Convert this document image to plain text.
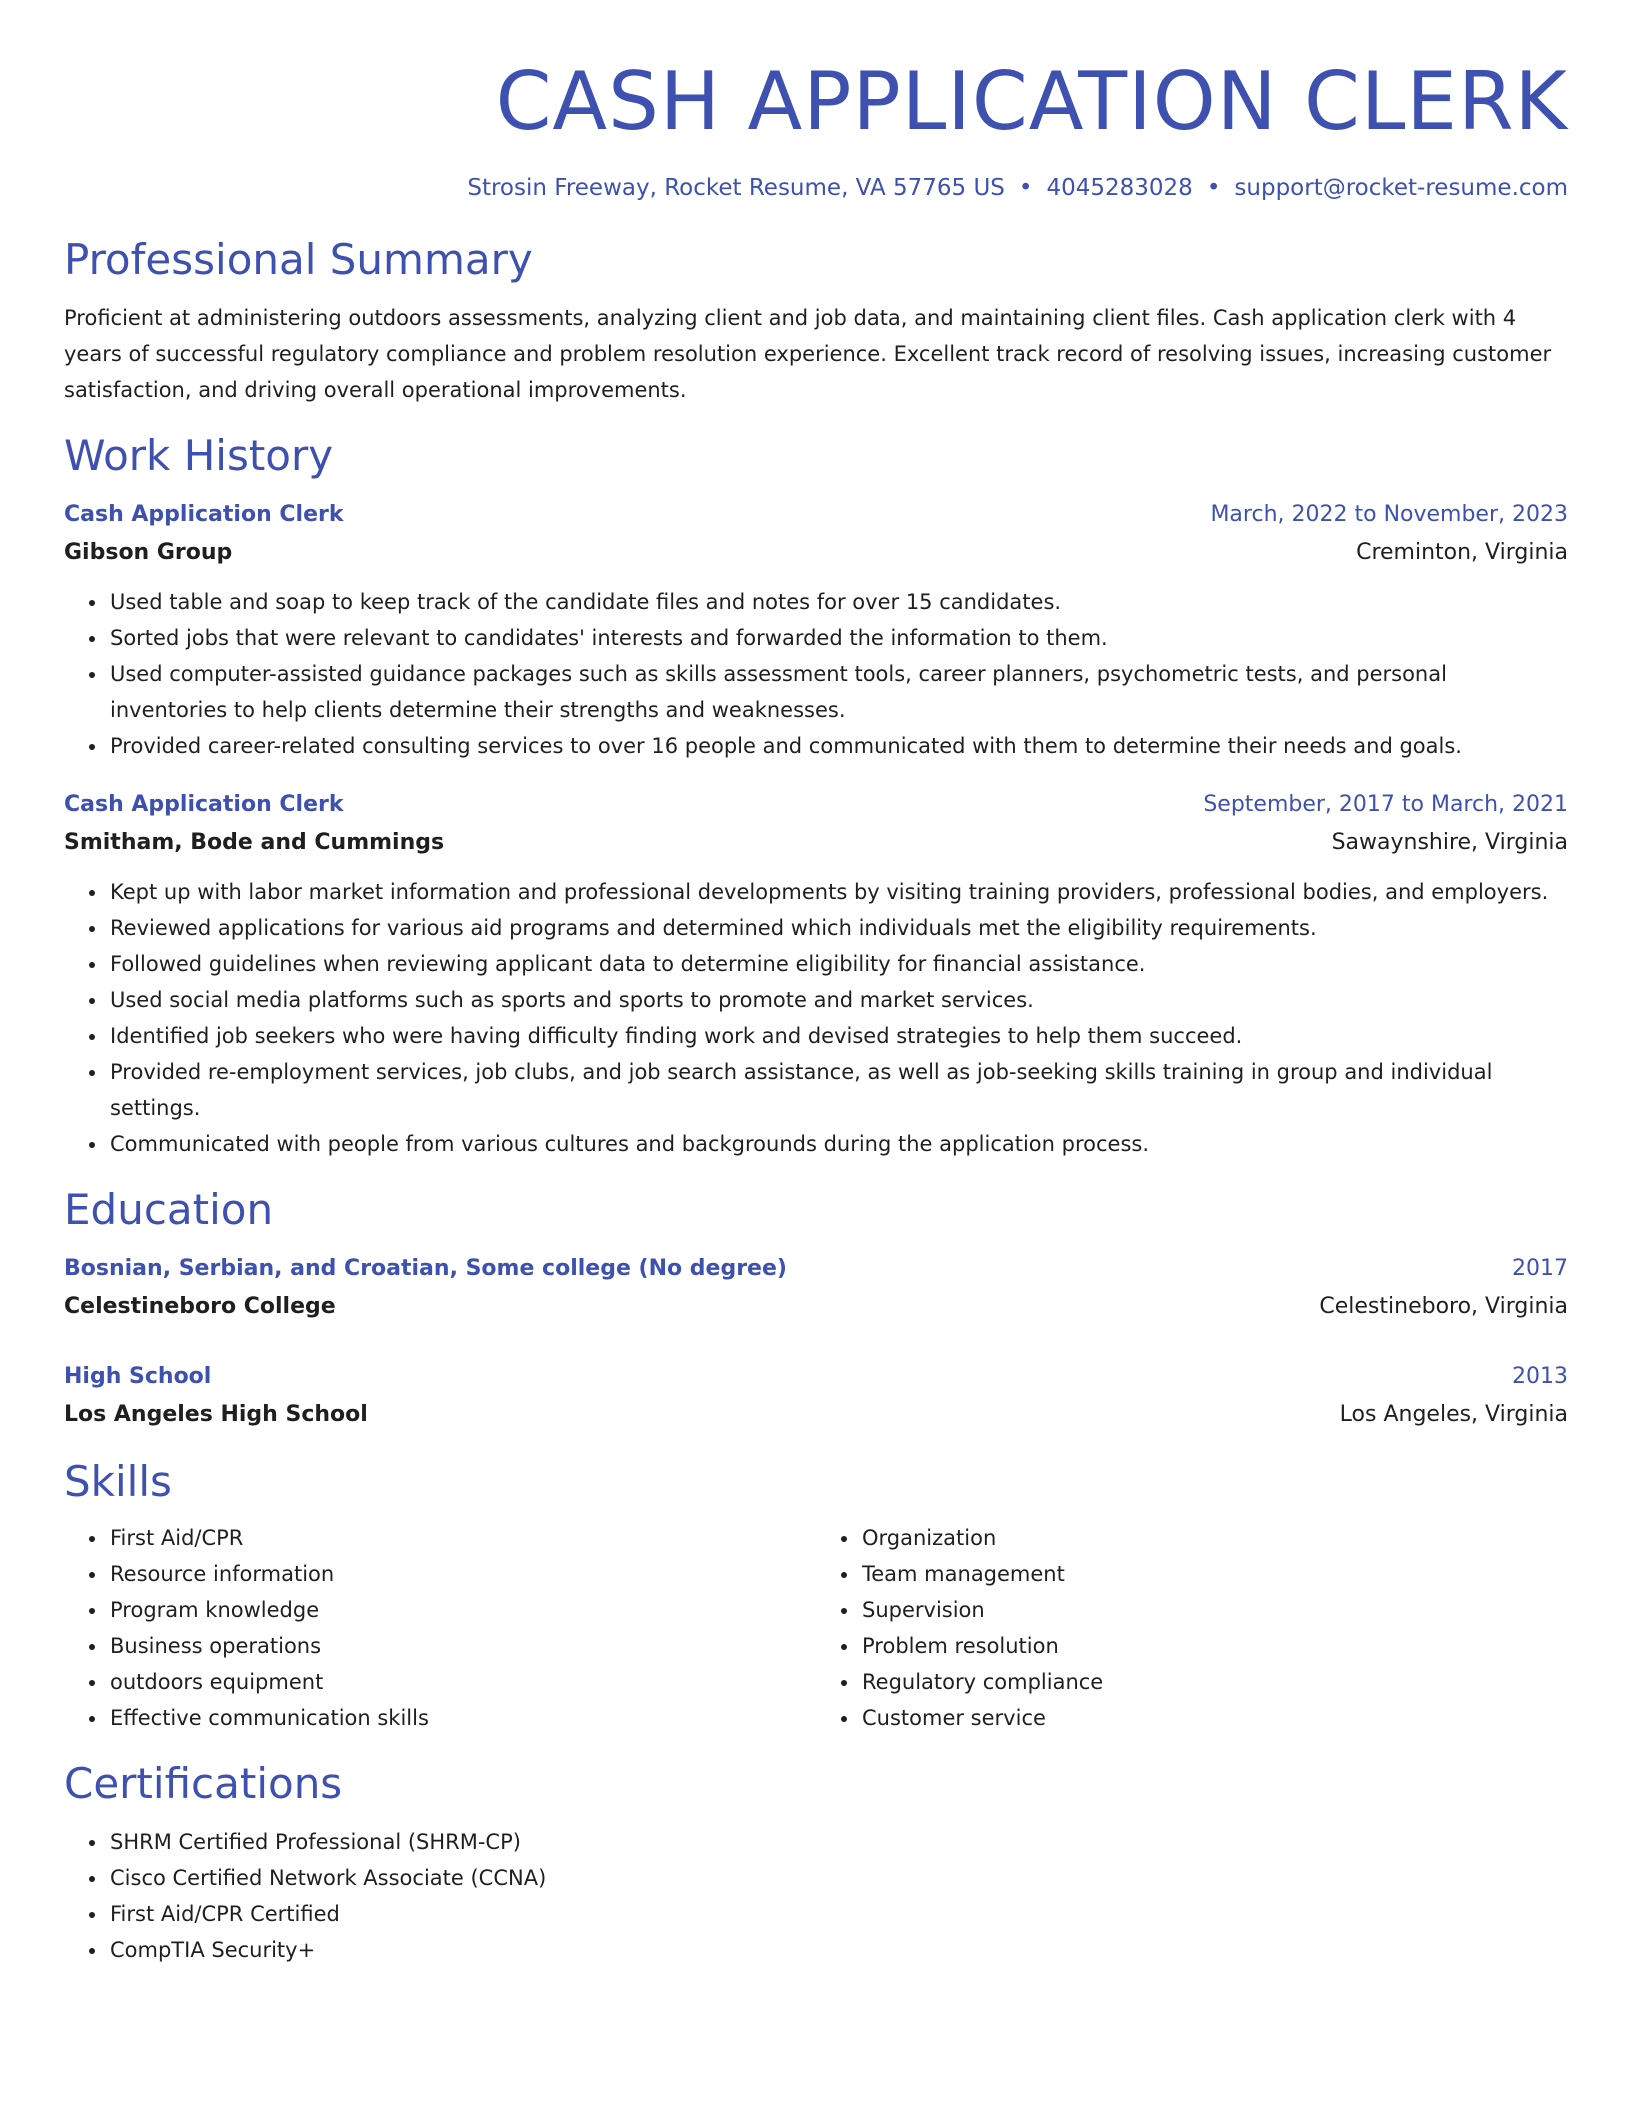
CASH APPLICATION CLERK
Strosin Freeway, Rocket Resume, VA 57765 US • 4045283028 • support@rocket-resume.com
Professional Summary

Proficient at administering outdoors assessments, analyzing client and job data, and maintaining client files. Cash application clerk with 4 years of successful regulatory compliance and problem resolution experience. Excellent track record of resolving issues, increasing customer satisfaction, and driving overall operational improvements.

Work History
Cash Application Clerk	March, 2022 to November, 2023
Gibson Group	Creminton, Virginia
• Used table and soap to keep track of the candidate files and notes for over 15 candidates.
• Sorted jobs that were relevant to candidates' interests and forwarded the information to them.
• Used computer-assisted guidance packages such as skills assessment tools, career planners, psychometric tests, and personal inventories to help clients determine their strengths and weaknesses.
• Provided career-related consulting services to over 16 people and communicated with them to determine their needs and goals.
Cash Application Clerk	September, 2017 to March, 2021
Smitham, Bode and Cummings	Sawaynshire, Virginia
• Kept up with labor market information and professional developments by visiting training providers, professional bodies, and employers.
• Reviewed applications for various aid programs and determined which individuals met the eligibility requirements.
• Followed guidelines when reviewing applicant data to determine eligibility for financial assistance.
• Used social media platforms such as sports and sports to promote and market services.
• Identified job seekers who were having difficulty finding work and devised strategies to help them succeed.
• Provided re-employment services, job clubs, and job search assistance, as well as job-seeking skills training in group and individual settings.
• Communicated with people from various cultures and backgrounds during the application process.
Education
Bosnian, Serbian, and Croatian, Some college (No degree)	2017
Celestineboro College	Celestineboro, Virginia
High School	2013
Los Angeles High School	Los Angeles, Virginia
Skills
• First Aid/CPR
• Resource information
• Program knowledge
• Business operations
• outdoors equipment
• Effective communication skills
• Organization
• Team management
• Supervision
• Problem resolution
• Regulatory compliance
• Customer service
Certifications
• SHRM Certified Professional (SHRM-CP)
• Cisco Certified Network Associate (CCNA)
• First Aid/CPR Certified
• CompTIA Security+
